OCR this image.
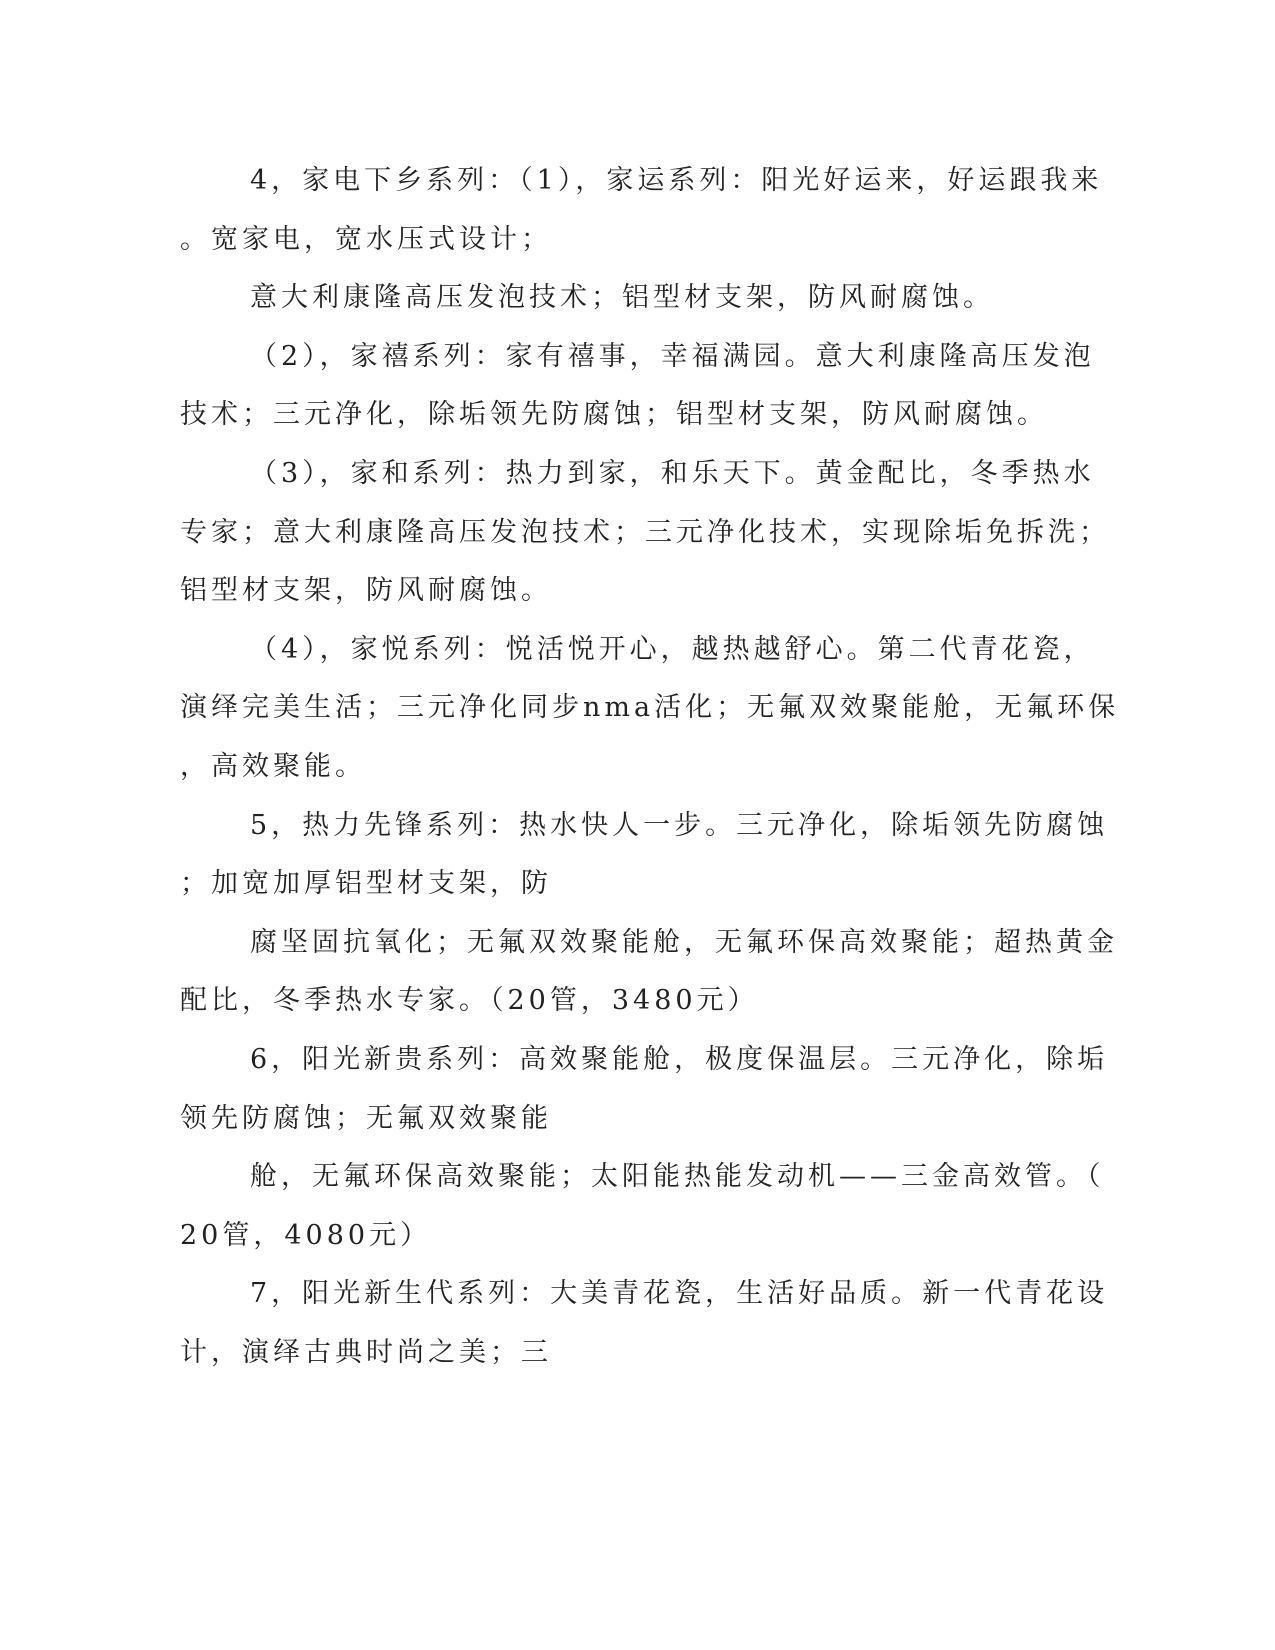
4，家电下乡系列：（1），家运系列：阳光好运来，好运跟我来

。宽家电，宽水压式设计；

意大利康隆高压发泡技术；铝型材支架，防风耐腐蚀。

（2），家禧系列：家有禧事，幸福满园。意大利康隆高压发泡

技术；三元净化，除垢领先防腐蚀；铝型材支架，防风耐腐蚀。

（3），家和系列：热力到家，和乐天下。黄金配比，冬季热水

专家；意大利康隆高压发泡技术；三元净化技术，实现除垢免拆洗；

铝型材支架，防风耐腐蚀。

（4），家悦系列：悦活悦开心，越热越舒心。第二代青花瓷，

演绎完美生活；三元净化同步nma活化；无氟双效聚能舱，无氟环保

，高效聚能。

5，热力先锋系列：热水快人一步。三元净化，除垢领先防腐蚀

；加宽加厚铝型材支架，防

腐坚固抗氧化；无氟双效聚能舱，无氟环保高效聚能；超热黄金

配比，冬季热水专家。（20管，3480元）

6，阳光新贵系列：高效聚能舱，极度保温层。三元净化，除垢

领先防腐蚀；无氟双效聚能

舱，无氟环保高效聚能；太阳能热能发动机——三金高效管。（

20管，4080元）

7，阳光新生代系列：大美青花瓷，生活好品质。新一代青花设

计，演绎古典时尚之美；三
